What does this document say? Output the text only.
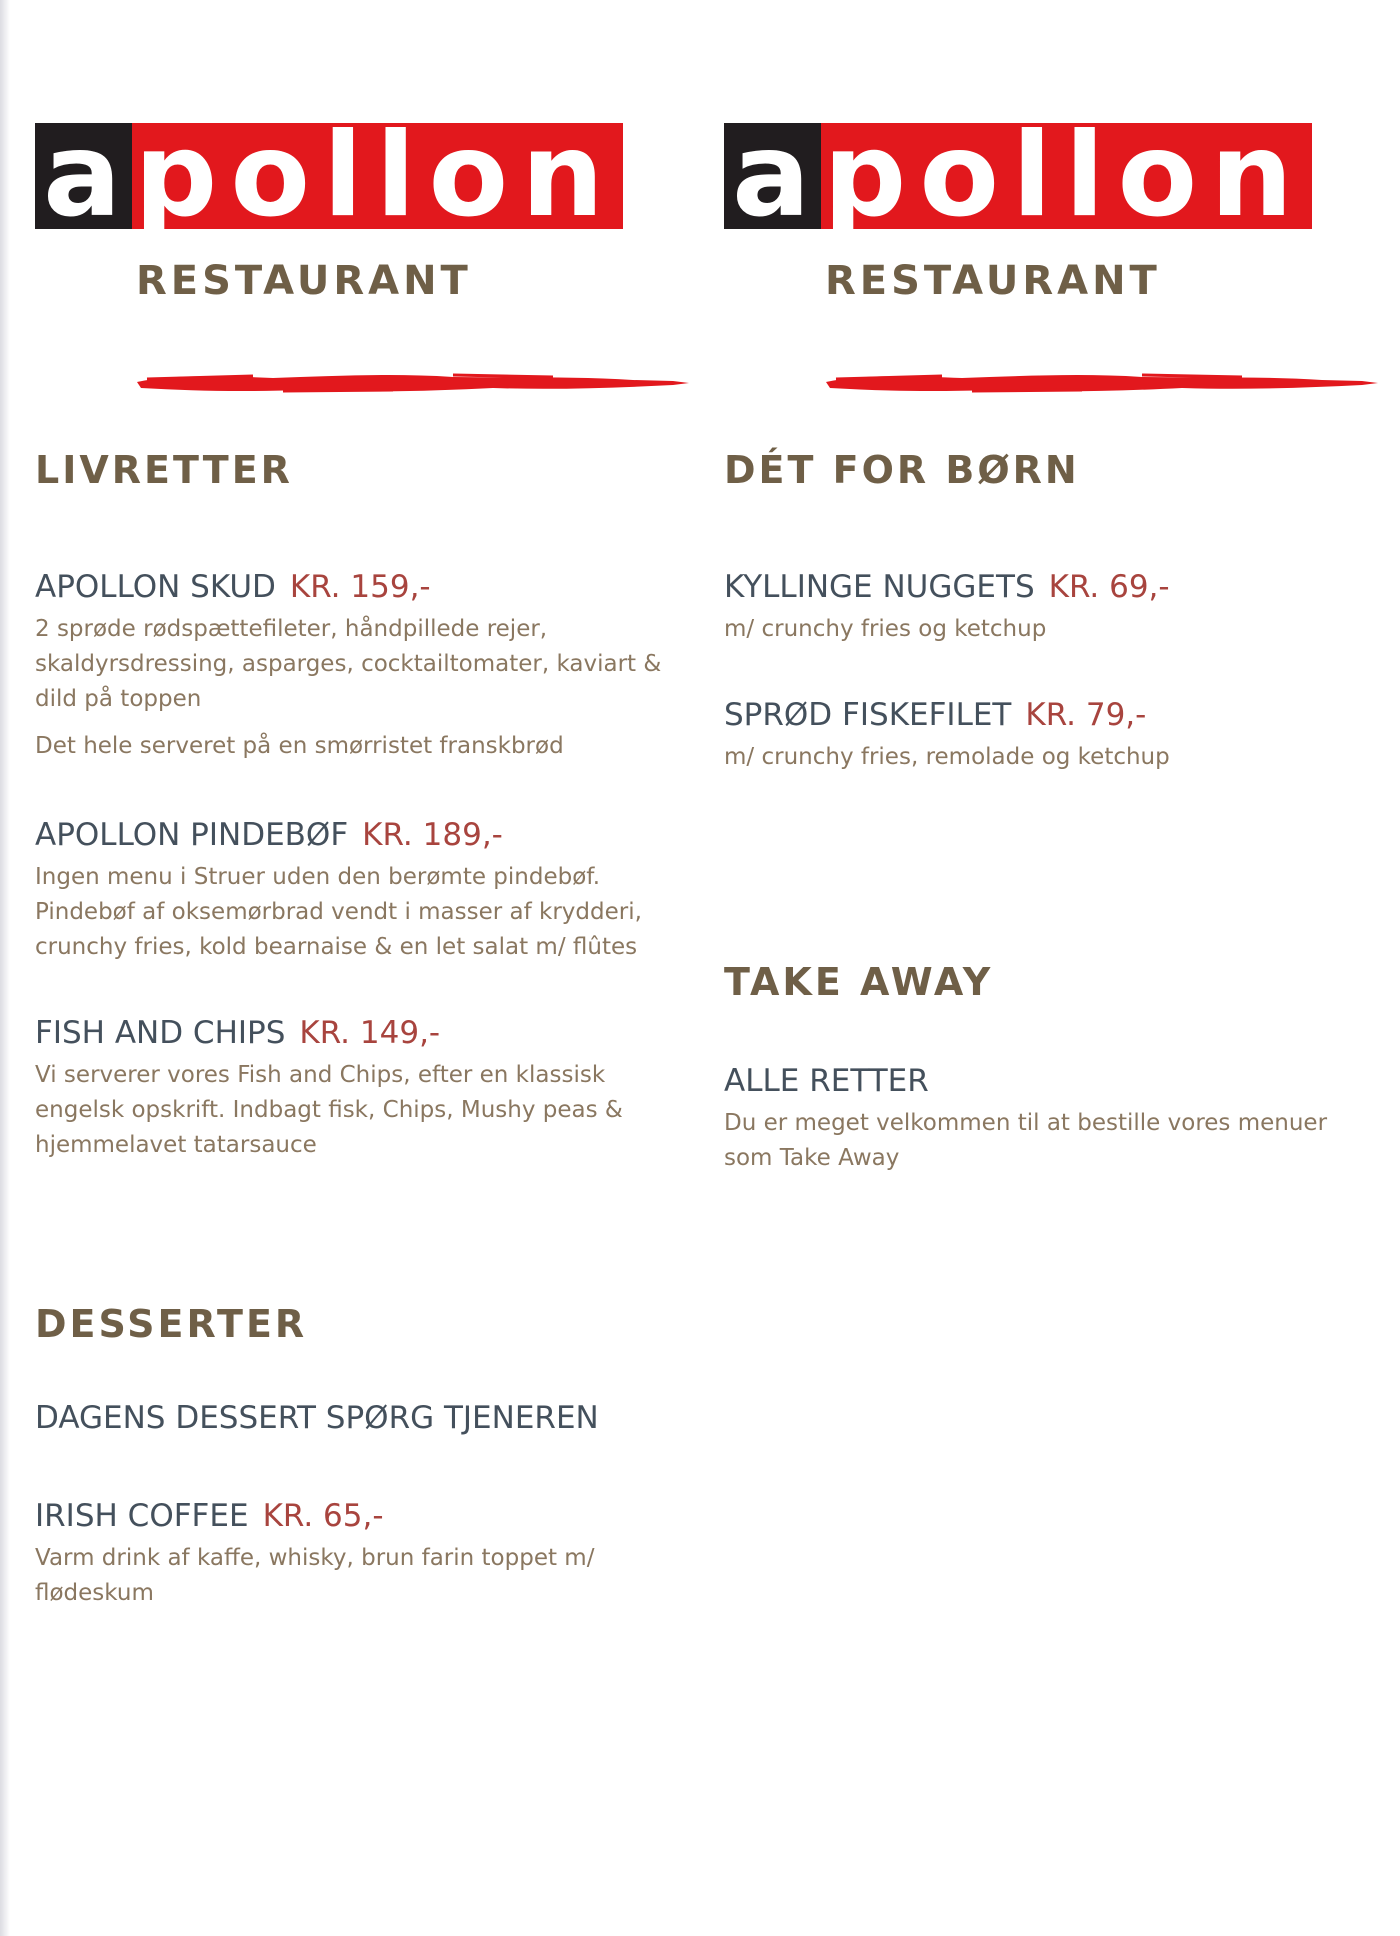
apollon
RESTAURANT
LIVRETTER
APOLLON SKUD KR. 159,-
2 sprøde rødspættefileter, håndpillede rejer, skaldyrsdressing, asparges, cocktailtomater, kaviart & dild på toppen
Det hele serveret på en smørristet franskbrød
APOLLON PINDEBØF KR. 189,-
Ingen menu i Struer uden den berømte pindebøf. Pindebøf af oksemørbrad vendt i masser af krydderi, crunchy fries, kold bearnaise & en let salat m/ flûtes
FISH AND CHIPS KR. 149,-
Vi serverer vores Fish and Chips, efter en klassisk engelsk opskrift. Indbagt fisk, Chips, Mushy peas & hjemmelavet tatarsauce
DESSERTER
DAGENS DESSERT SPØRG TJENEREN
IRISH COFFEE KR. 65,-
Varm drink af kaffe, whisky, brun farin toppet m/ flødeskum
apollon
RESTAURANT
DÉT FOR BØRN
KYLLINGE NUGGETS KR. 69,-
m/ crunchy fries og ketchup
SPRØD FISKEFILET KR. 79,-
m/ crunchy fries, remolade og ketchup
TAKE AWAY
ALLE RETTER
Du er meget velkommen til at bestille vores menuer som Take Away
